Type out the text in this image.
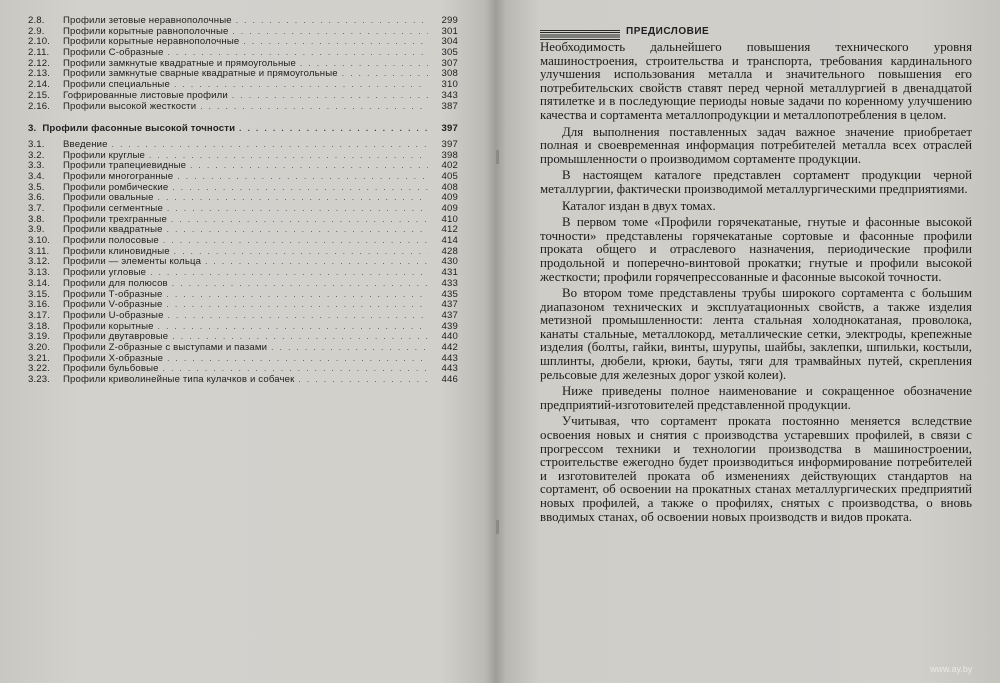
2.8.	Профили зетовые неравнополочные . . .	299
2.9.	Профили корытные равнополочные . . .	301
2.10.	Профили корытные неравнополочные . . .	304
2.11.	Профили С-образные . . .	305
2.12.	Профили замкнутые квадратные и прямоугольные . . .	307
2.13.	Профили замкнутые сварные квадратные и прямоугольные . . .	308
2.14.	Профили специальные . . .	310
2.15.	Гофрированные листовые профили . . .	343
2.16.	Профили высокой жесткости . . .	387
3. Профили фасонные высокой точности . . .	397
3.1.	Введение . . .	397
3.2.	Профили круглые . . .	398
3.3.	Профили трапециевидные . . .	402
3.4.	Профили многогранные . . .	405
3.5.	Профили ромбические . . .	408
3.6.	Профили овальные . . .	409
3.7.	Профили сегментные . . .	409
3.8.	Профили трехгранные . . .	410
3.9.	Профили квадратные . . .	412
3.10.	Профили полосовые . . .	414
3.11.	Профили клиновидные . . .	428
3.12.	Профили — элементы кольца . . .	430
3.13.	Профили угловые . . .	431
3.14.	Профили для полюсов . . .	433
3.15.	Профили Т-образные . . .	435
3.16.	Профили V-образные . . .	437
3.17.	Профили U-образные . . .	437
3.18.	Профили корытные . . .	439
3.19.	Профили двутавровые . . .	440
3.20.	Профили Z-образные с выступами и пазами . . .	442
3.21.	Профили X-образные . . .	443
3.22.	Профили бульбовые . . .	443
3.23.	Профили криволинейные типа кулачков и собачек . . .	446
ПРЕДИСЛОВИЕ

Необходимость дальнейшего повышения технического уровня машиностроения, строительства и транспорта, требования кардинального улучшения использования металла и значительного повышения его потребительских свойств ставят перед черной металлургией в двенадцатой пятилетке и в последующие периоды новые задачи по коренному улучшению качества и сортамента металлопродукции и металлопотребления в целом.

Для выполнения поставленных задач важное значение приобретает полная и своевременная информация потребителей металла всех отраслей промышленности о производимом сортаменте продукции.

В настоящем каталоге представлен сортамент продукции черной металлургии, фактически производимой металлургическими предприятиями.

Каталог издан в двух томах.

В первом томе «Профили горячекатаные, гнутые и фасонные высокой точности» представлены горячекатаные сортовые и фасонные профили проката общего и отраслевого назначения, периодические профили продольной и поперечно-винтовой прокатки; гнутые и профили высокой жесткости; профили горячепрессованные и фасонные высокой точности.

Во втором томе представлены трубы широкого сортамента с большим диапазоном технических и эксплуатационных свойств, а также изделия метизной промышленности: лента стальная холоднокатаная, проволока, канаты стальные, металлокорд, металлические сетки, электроды, крепежные изделия (болты, гайки, винты, шурупы, шайбы, заклепки, шпильки, костыли, шплинты, дюбели, крюки, бауты, тяги для трамвайных путей, скрепления рельсовые для железных дорог узкой колеи).

Ниже приведены полное наименование и сокращенное обозначение предприятий-изготовителей представленной продукции.

Учитывая, что сортамент проката постоянно меняется вследствие освоения новых и снятия с производства устаревших профилей, в связи с прогрессом техники и технологии производства в машиностроении, строительстве ежегодно будет производиться информирование потребителей и изготовителей проката об изменениях действующих стандартов на сортамент, об освоении на прокатных станах металлургических предприятий новых профилей, а также о профилях, снятых с производства, о вновь вводимых станах, об освоении новых производств и видов проката.

www.ay.by
